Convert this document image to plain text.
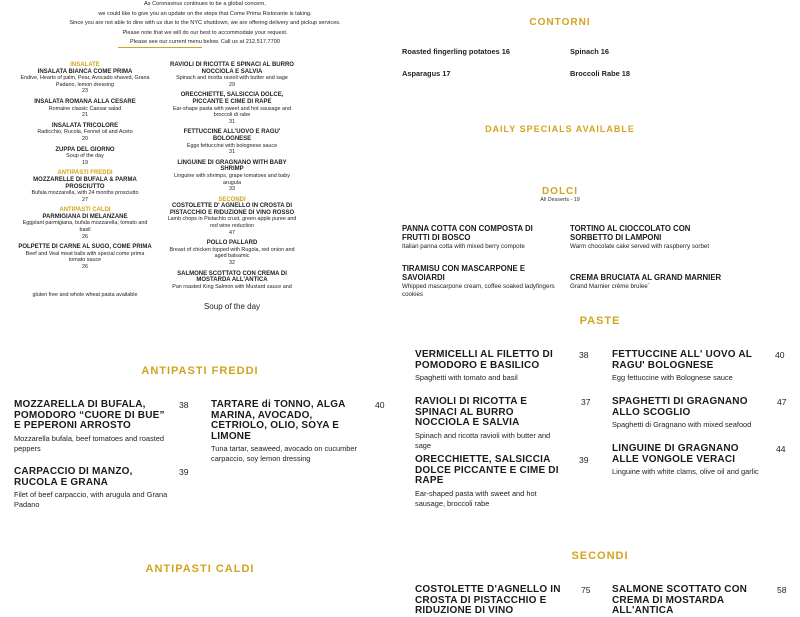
As Coronavirus continues to be a global concern,
we could like to give you an update on the steps that Come Prima Ristorante is taking.
Since you are not able to dine with us due to the NYC shutdown, we are offering delivery and pickup services.
Please note that we will do our best to accommodate your request.
Please see our current menu below. Call us at 212.517.7700
INSALATE
INSALATA BIANCA COME PRIMA
Endive, Hearts of palm, Pear, Avocado shaved, Grana Padano, lemon dressing
23
INSALATA ROMANA ALLA CESARE
Romaine classic Caesar salad
21
INSALATA TRICOLORE
Radicchio, Rucola, Fennel oil and Aceto
20
ZUPPA DEL GIORNO
Soup of the day
19
ANTIPASTI FREDDI
MOZZARELLE DI BUFALA & PARMA PROSCIUTTO
Bufala mozzarella, with 24 months prosciutto
27
ANTIPASTI CALDI
PARMIGIANA DI MELANZANE
Eggplant parmigiana, bufala mozzarella, tomato and basil
26
POLPETTE DI CARNE AL SUGO, COME PRIMA
Beef and Veal meat balls with special come prima tomato sauce
26
gluten free and whole wheat pasta available
RAVIOLI DI RICOTTA E SPINACI AL BURRO NOCCIOLA E SALVIA
Spinach and ricotta ravioli with butter and sage
29
ORECCHIETTE, SALSICCIA DOLCE, PICCANTE E CIME DI RAPE
Ear-shape pasta with sweet and hot sausage and broccoli di rabe
31
FETTUCCINE ALL'UOVO E RAGU' BOLOGNESE
Eggs fettuccine with bolognese sauce
31
LINGUINE DI GRAGNANO WITH BABY SHRIMP
Linguine with shrimps, grape tomatoes and baby arugula
33
SECONDI
COSTOLETTE D' AGNELLO IN CROSTA DI PISTACCHIO E RIDUZIONE DI VINO ROSSO
Lamb chops in Pistachio crust, green apple puree and red wine reduction
47
POLLO PALLARD
Breast of chicken topped with Rugola, red onion and aged balsamic
32
SALMONE SCOTTATO CON CREMA DI MOSTARDA ALL'ANTICA
Pan roasted King Salmon with Mustard sauce and
Soup of the day
CONTORNI
Roasted fingerling potatoes 16	Spinach 16
Asparagus 17	Broccoli Rabe 18
DAILY SPECIALS AVAILABLE
DOLCI
All Desserts - 19
PANNA COTTA CON COMPOSTA DI FRUTTI DI BOSCO
Italian panna cotta with mixed berry compote
TORTINO AL CIOCCOLATO CON SORBETTO DI LAMPONI
Warm chocolate cake served with raspberry sorbet
TIRAMISU CON MASCARPONE E SAVOIARDI
Whipped mascarpone cream, coffee soaked ladyfingers cookies
CREMA BRUCIATA AL GRAND MARNIER
Grand Marnier crème brulee`
PASTE
VERMICELLI AL FILETTO DI POMODORO E BASILICO
Spaghetti with tomato and basil
38 FETTUCCINE ALL' UOVO AL RAGU' BOLOGNESE
Egg fettuccine with Bolognese sauce
40
RAVIOLI DI RICOTTA E SPINACI AL BURRO NOCCIOLA E SALVIA
Spinach and ricotta ravioli with butter and sage
37 SPAGHETTI DI GRAGNANO ALLO SCOGLIO
Spaghetti di Gragnano with mixed seafood
47
ORECCHIETTE, SALSICCIA DOLCE PICCANTE E CIME DI RAPE
Ear-shaped pasta with sweet and hot sausage, broccoli rabe
39
LINGUINE DI GRAGNANO ALLE VONGOLE VERACI
Linguine with white clams, olive oil and garlic
44
ANTIPASTI FREDDI
MOZZARELLA DI BUFALA, POMODORO “CUORE DI BUE” E PEPERONI ARROSTO
Mozzarella bufala, beef tomatoes and roasted peppers
38 TARTARE di TONNO, ALGA MARINA, AVOCADO, CETRIOLO, OLIO, SOYA E LIMONE
Tuna tartar, seaweed, avocado on cucumber carpaccio, soy lemon dressing
40
CARPACCIO DI MANZO, RUCOLA E GRANA
Filet of beef carpaccio, with arugula and Grana Padano
39
ANTIPASTI CALDI
SECONDI
COSTOLETTE D'AGNELLO IN CROSTA DI PISTACCHIO E RIDUZIONE DI VINO
75 SALMONE SCOTTATO CON CREMA DI MOSTARDA ALL'ANTICA
58
